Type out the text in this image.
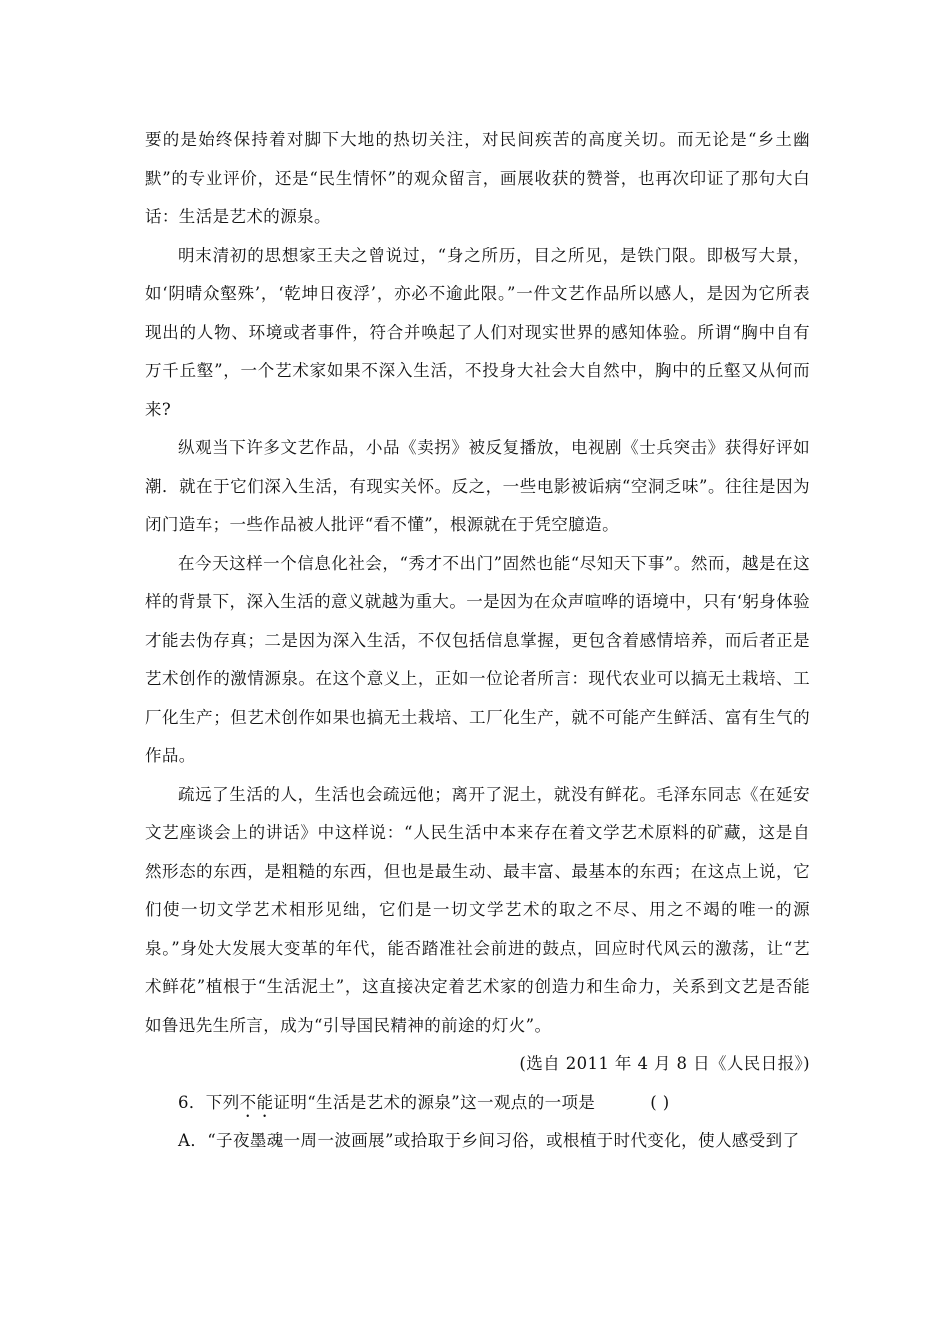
要的是始终保持着对脚下大地的热切关注，对民间疾苦的高度关切。而无论是“乡土幽默”的专业评价，还是“民生情怀”的观众留言，画展收获的赞誉，也再次印证了那句大白话：生活是艺术的源泉。

明末清初的思想家王夫之曾说过，“身之所历，目之所见，是铁门限。即极写大景，如‘阴晴众壑殊’，‘乾坤日夜浮’，亦必不逾此限。”一件文艺作品所以感人，是因为它所表现出的人物、环境或者事件，符合并唤起了人们对现实世界的感知体验。所谓“胸中自有万千丘壑”，一个艺术家如果不深入生活，不投身大社会大自然中，胸中的丘壑又从何而来?

纵观当下许多文艺作品，小品《卖拐》被反复播放，电视剧《士兵突击》获得好评如潮．就在于它们深入生活，有现实关怀。反之，一些电影被诟病“空洞乏味”。往往是因为闭门造车；一些作品被人批评“看不懂”，根源就在于凭空臆造。

在今天这样一个信息化社会，“秀才不出门”固然也能“尽知天下事”。然而，越是在这样的背景下，深入生活的意义就越为重大。一是因为在众声喧哗的语境中，只有‘躬身体验才能去伪存真；二是因为深入生活，不仅包括信息掌握，更包含着感情培养，而后者正是艺术创作的激情源泉。在这个意义上，正如一位论者所言：现代农业可以搞无土栽培、工厂化生产；但艺术创作如果也搞无土栽培、工厂化生产，就不可能产生鲜活、富有生气的作品。

疏远了生活的人，生活也会疏远他；离开了泥土，就没有鲜花。毛泽东同志《在延安文艺座谈会上的讲话》中这样说：“人民生活中本来存在着文学艺术原料的矿藏，这是自然形态的东西，是粗糙的东西，但也是最生动、最丰富、最基本的东西；在这点上说，它们使一切文学艺术相形见绌，它们是一切文学艺术的取之不尽、用之不竭的唯一的源泉。”身处大发展大变革的年代，能否踏准社会前进的鼓点，回应时代风云的激荡，让“艺术鲜花”植根于“生活泥土”，这直接决定着艺术家的创造力和生命力，关系到文艺是否能如鲁迅先生所言，成为“引导国民精神的前途的灯火”。

(选自 2011 年 4 月 8 日《人民日报》)

6．下列不能证明“生活是艺术的源泉”这一观点的一项是	( )

A．“子夜墨魂一周一波画展”或拾取于乡间习俗，或根植于时代变化，使人感受到了
